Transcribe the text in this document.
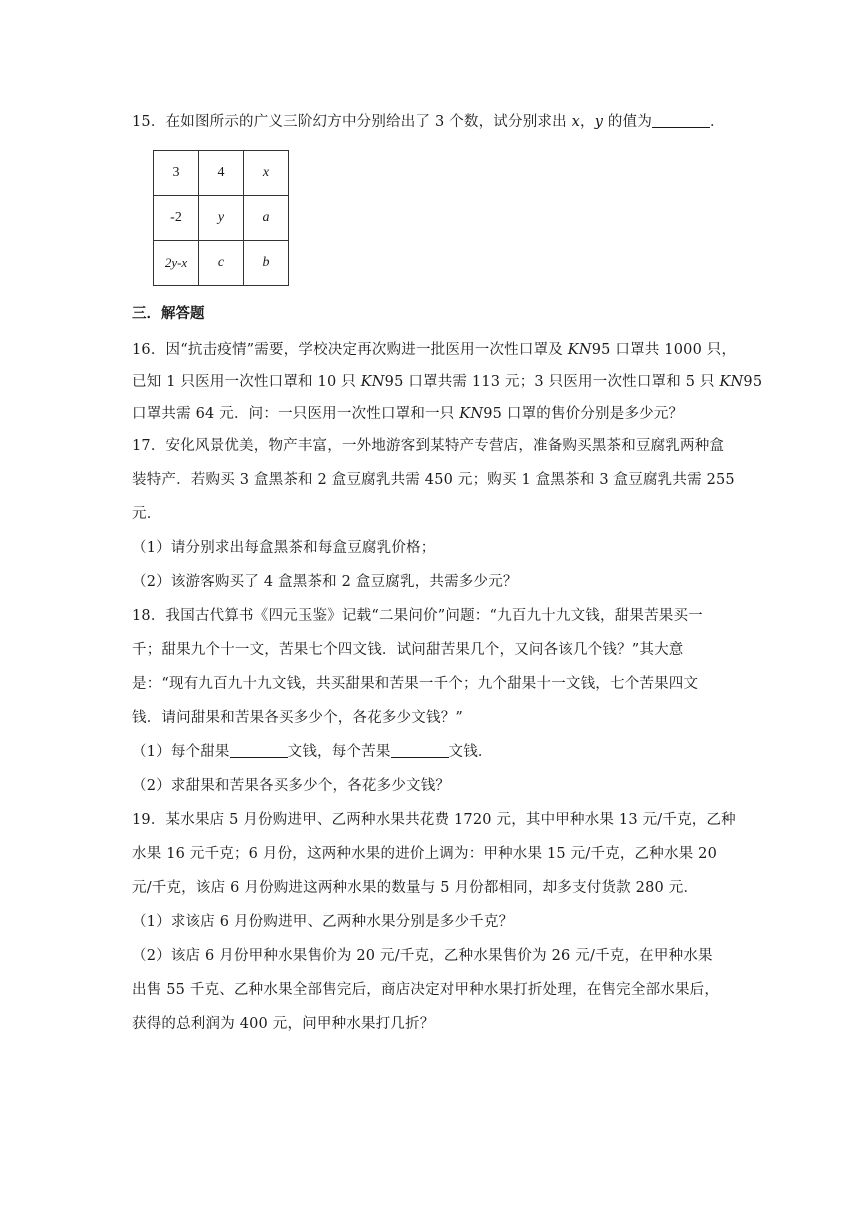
15．在如图所示的广义三阶幻方中分别给出了 3 个数，试分别求出 x，y 的值为	．
3	4	x
-2	y	a
2y-x	c	b
三．解答题
16．因“抗击疫情”需要，学校决定再次购进一批医用一次性口罩及 KN95 口罩共 1000 只，
已知 1 只医用一次性口罩和 10 只 KN95 口罩共需 113 元；3 只医用一次性口罩和 5 只 KN95
口罩共需 64 元．问：一只医用一次性口罩和一只 KN95 口罩的售价分别是多少元？
17．安化风景优美，物产丰富，一外地游客到某特产专营店，准备购买黑茶和豆腐乳两种盒
装特产．若购买 3 盒黑茶和 2 盒豆腐乳共需 450 元；购买 1 盒黑茶和 3 盒豆腐乳共需 255
元．
（1）请分别求出每盒黑茶和每盒豆腐乳价格；
（2）该游客购买了 4 盒黑茶和 2 盒豆腐乳，共需多少元？
18．我国古代算书《四元玉鉴》记载“二果问价”问题：“九百九十九文钱，甜果苦果买一
千；甜果九个十一文，苦果七个四文钱．试问甜苦果几个，又问各该几个钱？”其大意
是：“现有九百九十九文钱，共买甜果和苦果一千个；九个甜果十一文钱，七个苦果四文
钱．请问甜果和苦果各买多少个，各花多少文钱？”
（1）每个甜果	文钱，每个苦果	文钱．
（2）求甜果和苦果各买多少个，各花多少文钱？
19．某水果店 5 月份购进甲、乙两种水果共花费 1720 元，其中甲种水果 13 元/千克，乙种
水果 16 元千克；6 月份，这两种水果的进价上调为：甲种水果 15 元/千克，乙种水果 20
元/千克，该店 6 月份购进这两种水果的数量与 5 月份都相同，却多支付货款 280 元．
（1）求该店 6 月份购进甲、乙两种水果分别是多少千克？
（2）该店 6 月份甲种水果售价为 20 元/千克，乙种水果售价为 26 元/千克，在甲种水果
出售 55 千克、乙种水果全部售完后，商店决定对甲种水果打折处理，在售完全部水果后，
获得的总利润为 400 元，问甲种水果打几折？
